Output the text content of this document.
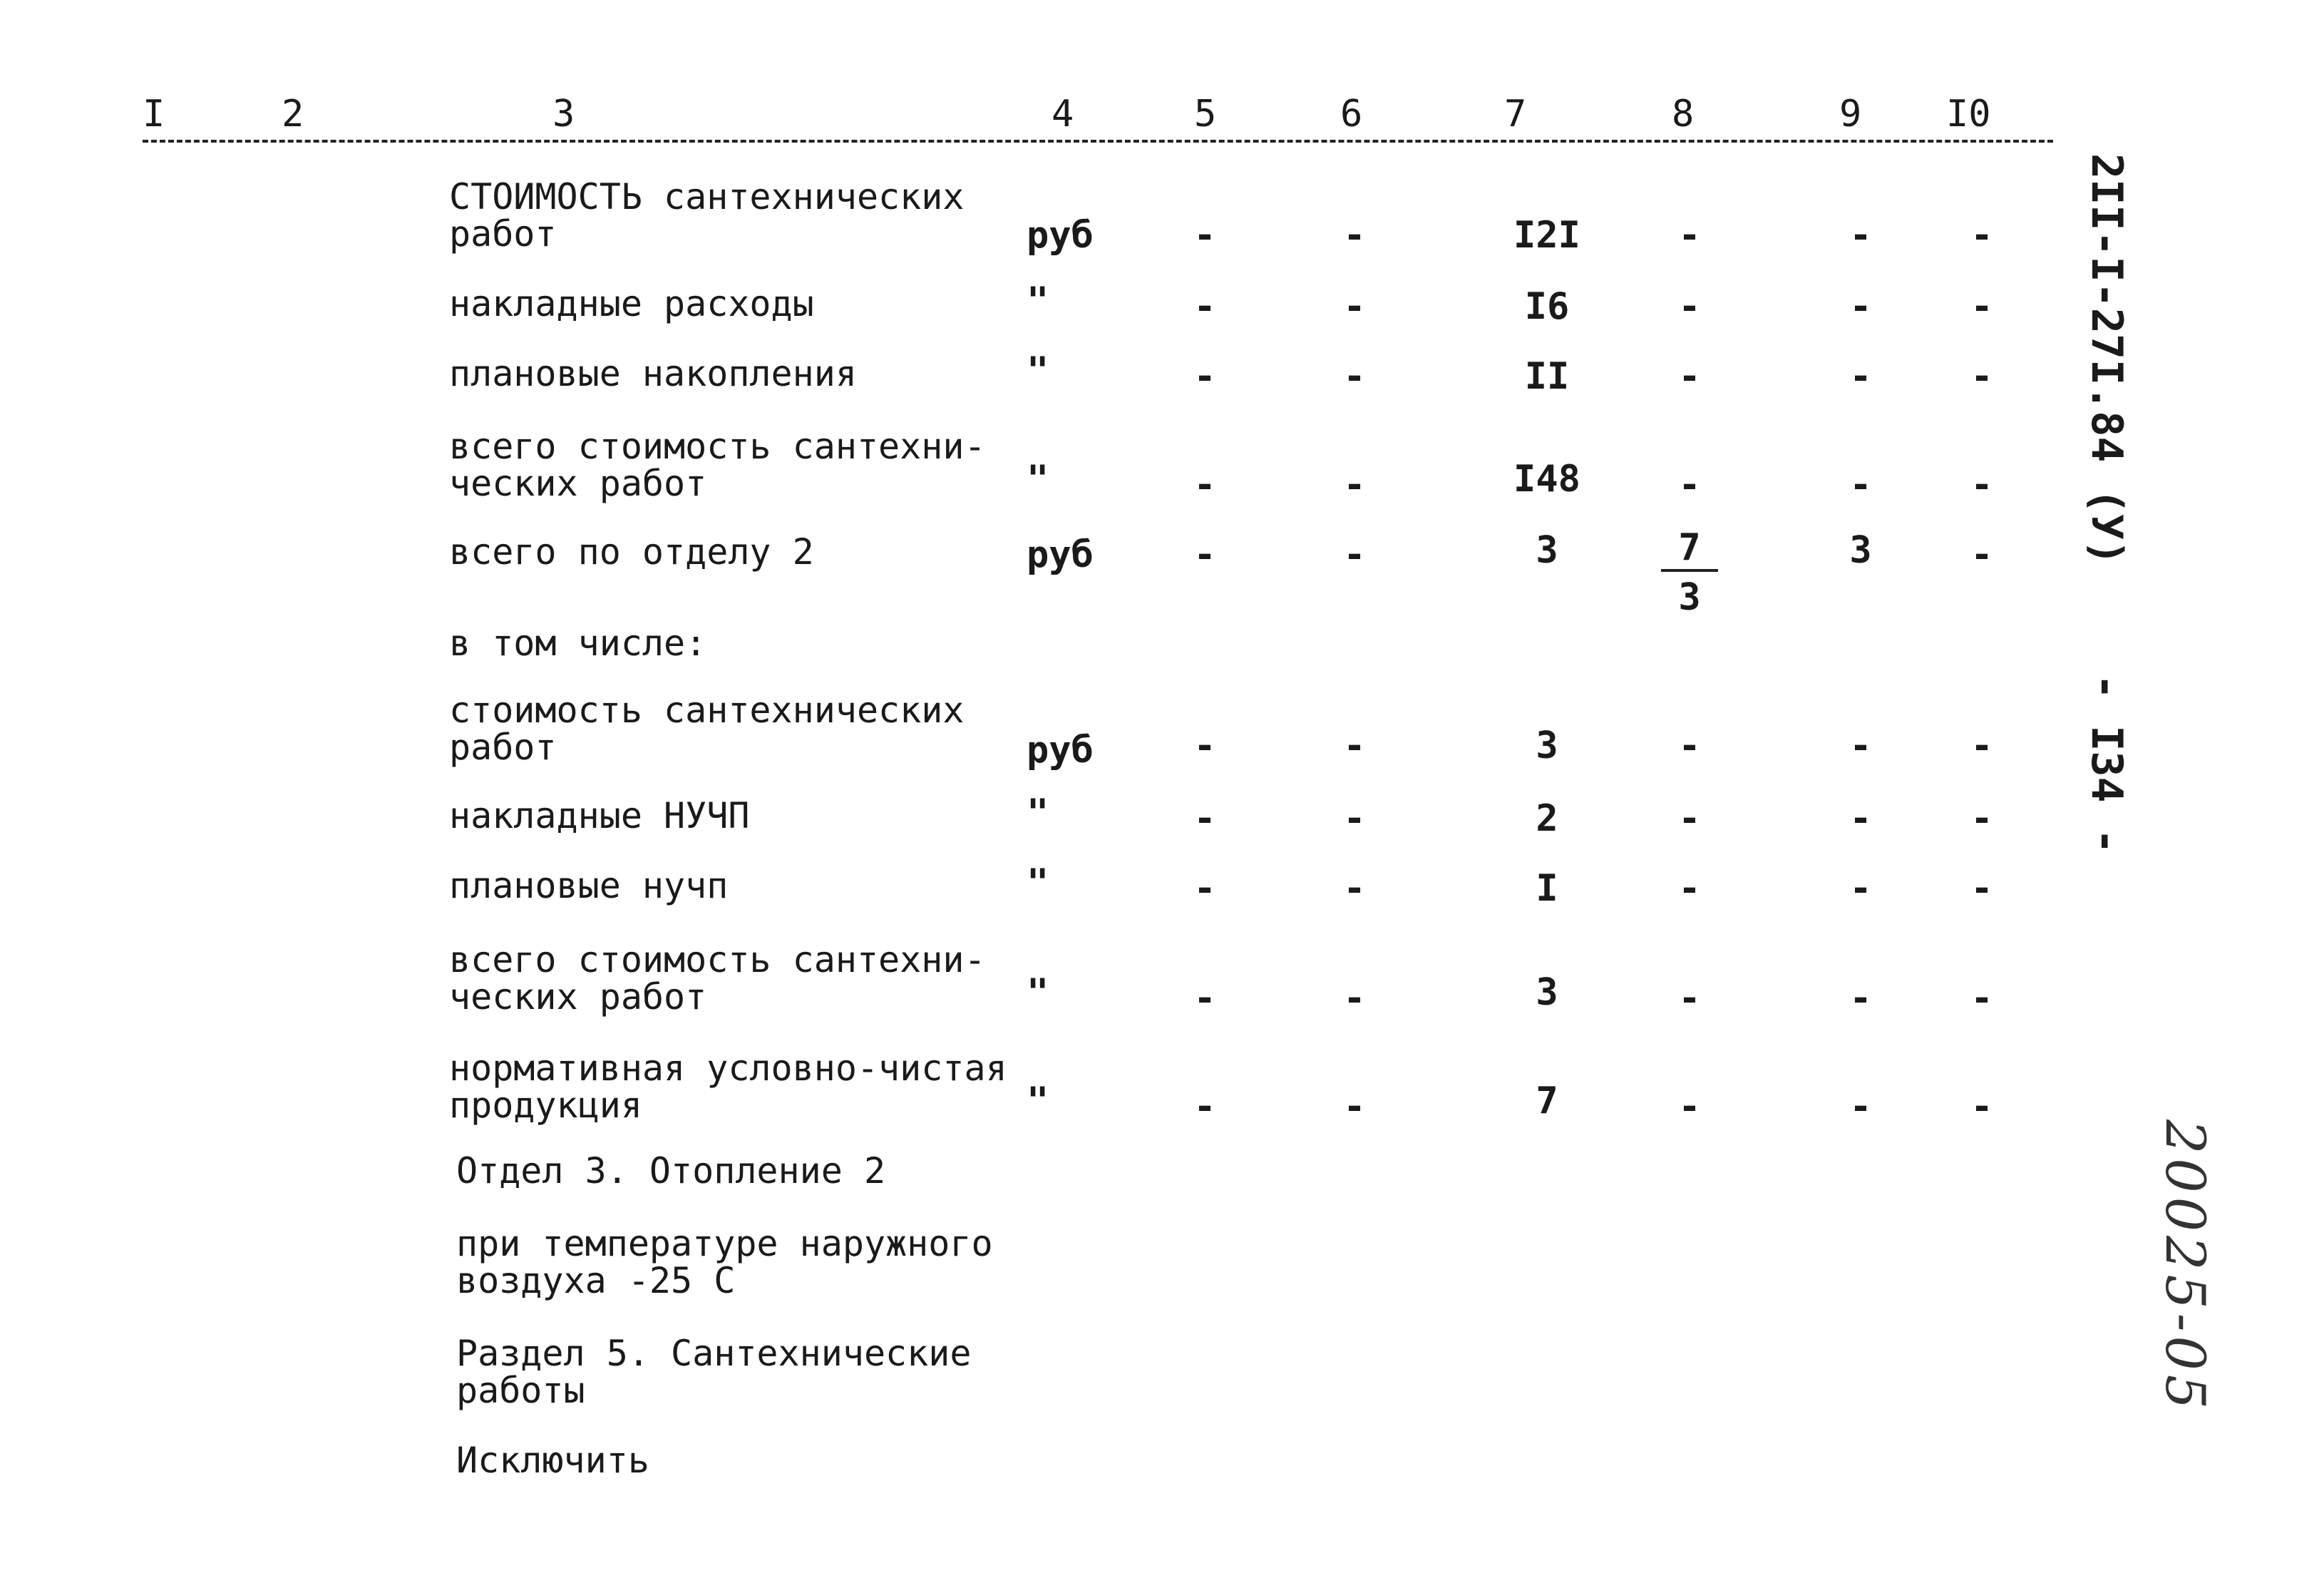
I	2	3	4	5	6	7	8	9 I0
СТОИМОСТЬ сантехнических работ	руб	-	-	I2I	-	-	-
накладные расходы	"	-	-	I6	-	-	-
плановые накопления	"	-	-	II	-	-	-
всего стоимость сантехни-ческих работ	"	-	-	I48	-	-	-
всего по отделу 2	руб	-	-	3	$\frac{7}{3}$	3	-
в том числе:
стоимость сантехнических работ	руб	-	-	3	-	-	-
накладные НУЧП	"	-	-	2	-	-	-
плановые нучп	"	-	-	I	-	-	-
всего стоимость сантехни-ческих работ	"	-	-	3	-	-	-
нормативная условно-чистая продукция	"	-	-	7	-	-	-
Отдел 3. Отопление 2
при температуре наружного воздуха -25 С
Раздел 5. Сантехнические работы
Исключить
2II-I-27I.84 (У)
- I34 -
20025-05
